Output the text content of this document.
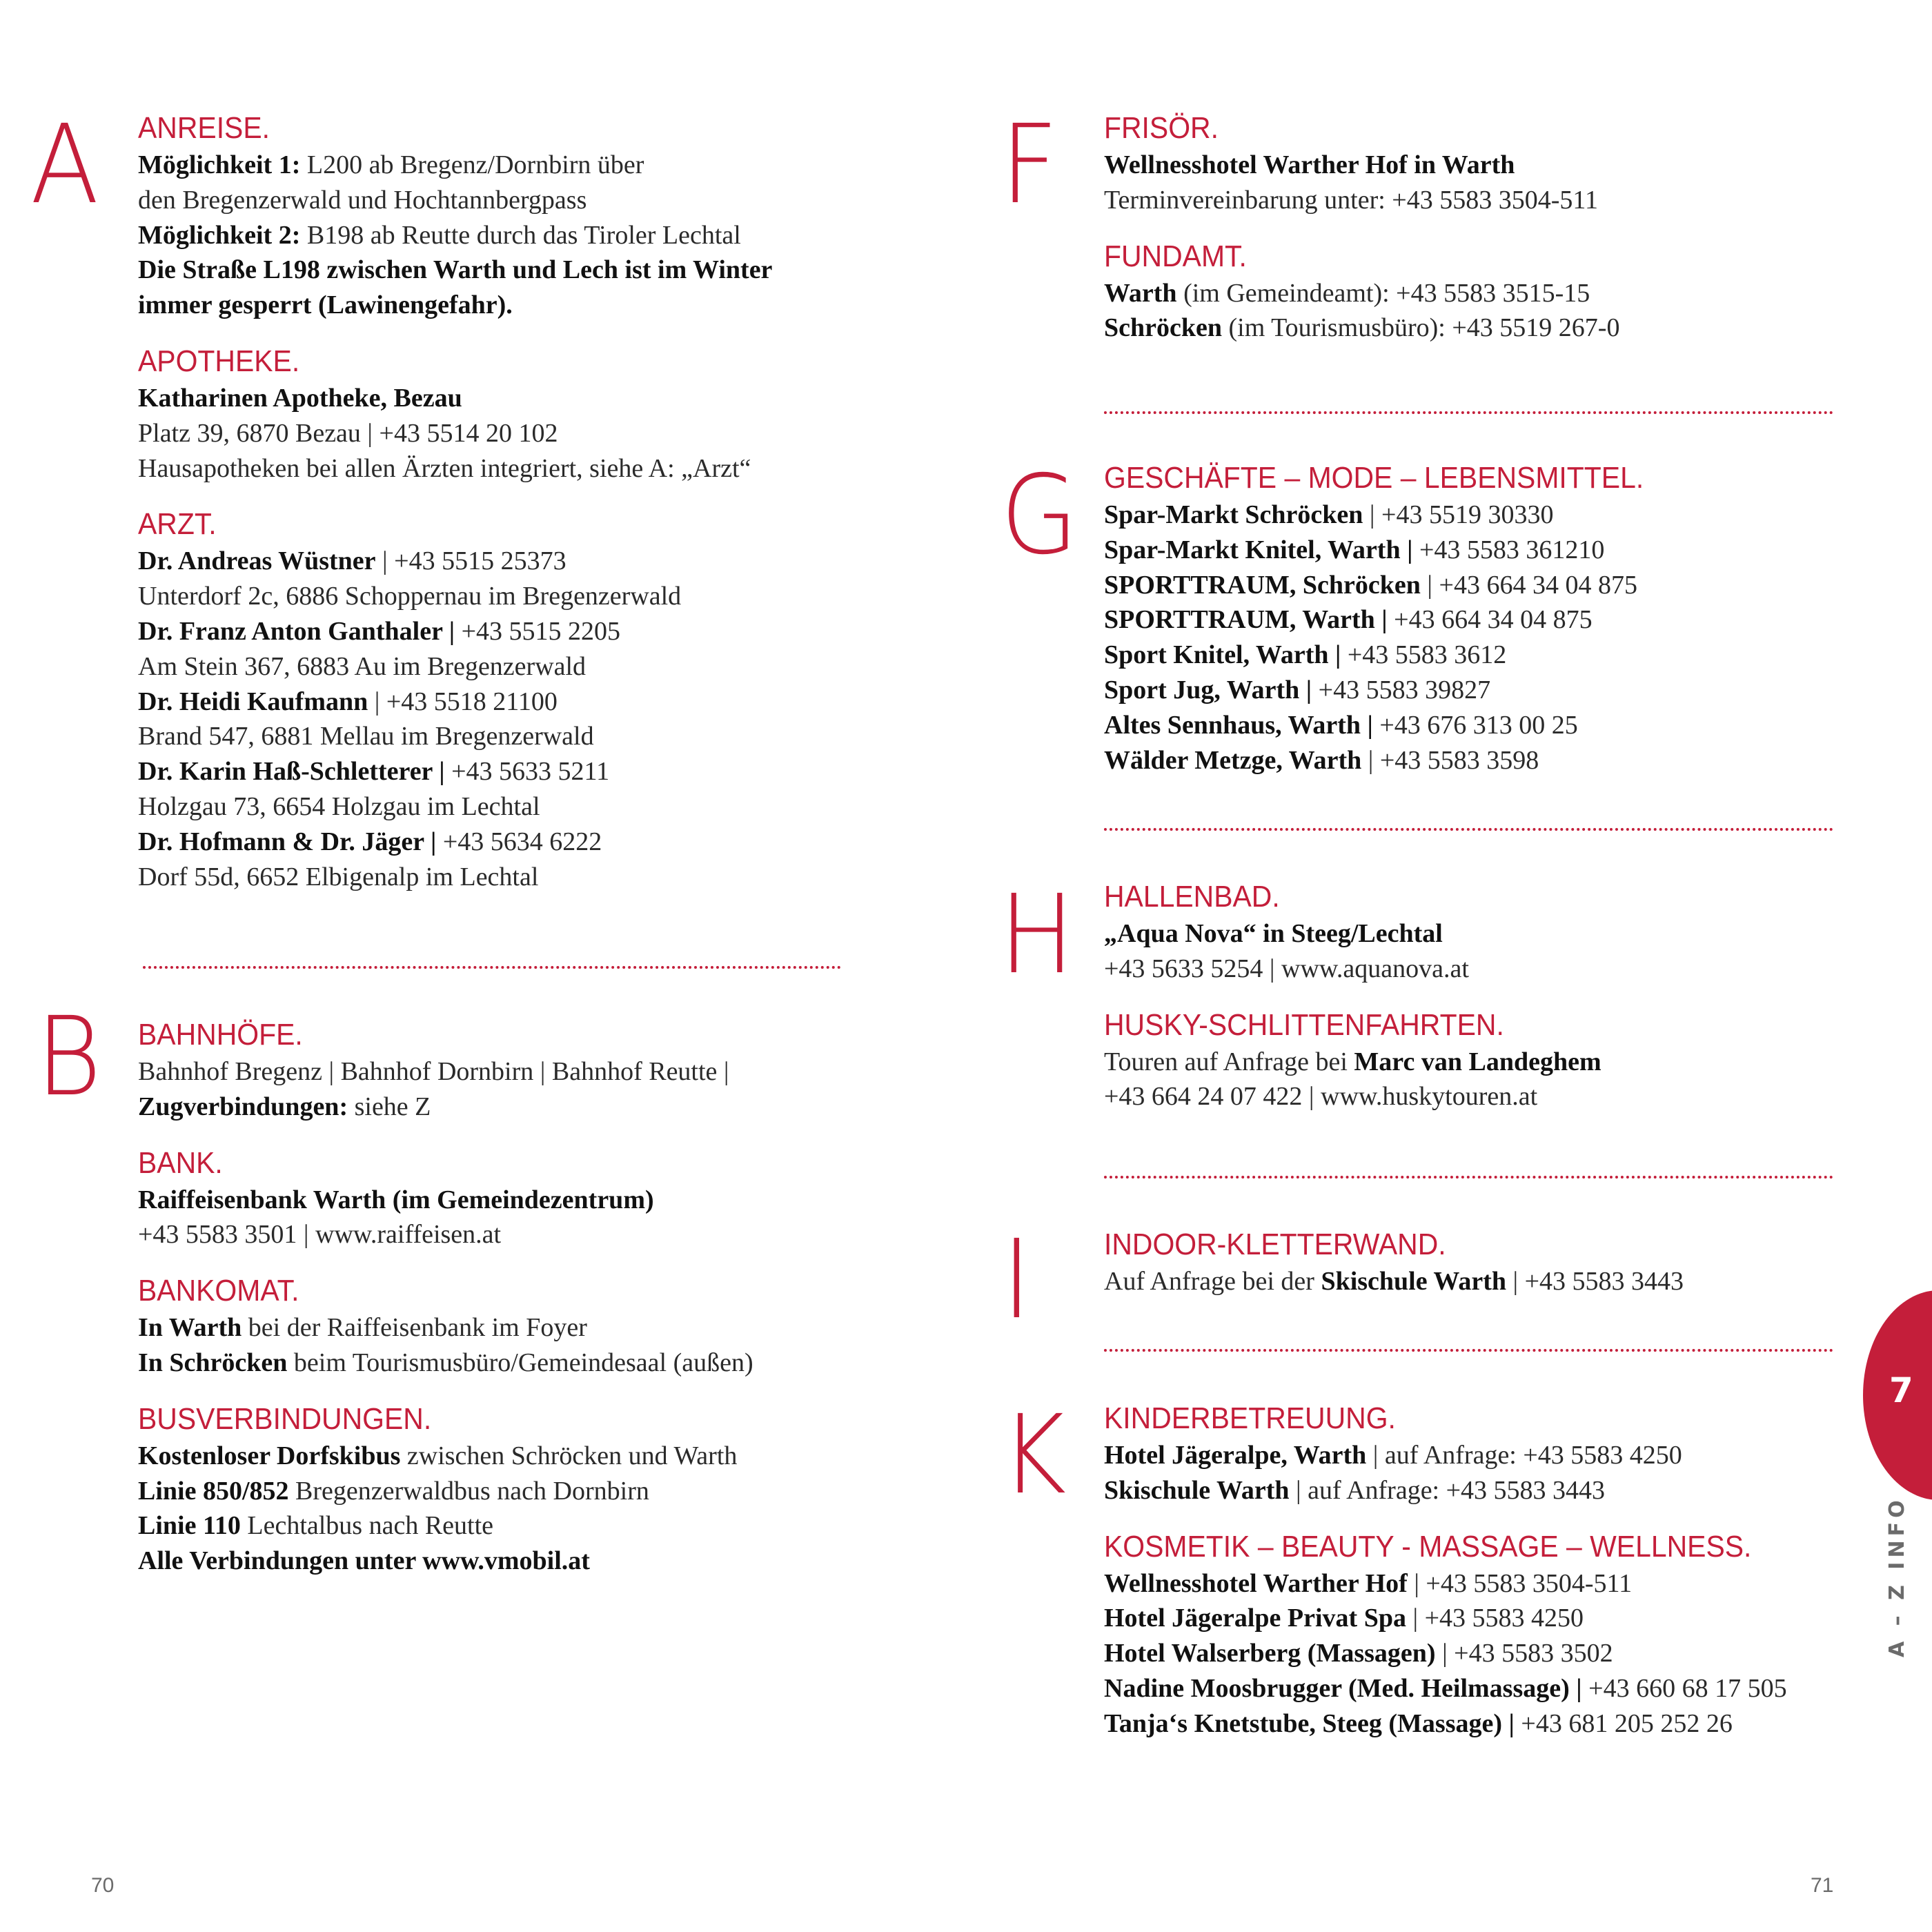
A ANREISE.
Möglichkeit 1: L200 ab Bregenz/Dornbirn über
den Bregenzerwald und Hochtannbergpass
Möglichkeit 2: B198 ab Reutte durch das Tiroler Lechtal
Die Straße L198 zwischen Warth und Lech ist im Winter
immer gesperrt (Lawinengefahr).
APOTHEKE.
Katharinen Apotheke, Bezau
Platz 39, 6870 Bezau | +43 5514 20 102
Hausapotheken bei allen Ärzten integriert, siehe A: „Arzt“
ARZT.
Dr. Andreas Wüstner | +43 5515 25373
Unterdorf 2c, 6886 Schoppernau im Bregenzerwald
Dr. Franz Anton Ganthaler | +43 5515 2205
Am Stein 367, 6883 Au im Bregenzerwald
Dr. Heidi Kaufmann | +43 5518 21100
Brand 547, 6881 Mellau im Bregenzerwald
Dr. Karin Haß-Schletterer | +43 5633 5211
Holzgau 73, 6654 Holzgau im Lechtal
Dr. Hofmann & Dr. Jäger | +43 5634 6222
Dorf 55d, 6652 Elbigenalp im Lechtal
B BAHNHÖFE.
Bahnhof Bregenz | Bahnhof Dornbirn | Bahnhof Reutte |
Zugverbindungen: siehe Z
BANK.
Raiffeisenbank Warth (im Gemeindezentrum)
+43 5583 3501 | www.raiffeisen.at
BANKOMAT.
In Warth bei der Raiffeisenbank im Foyer
In Schröcken beim Tourismusbüro/Gemeindesaal (außen)
BUSVERBINDUNGEN.
Kostenloser Dorfskibus zwischen Schröcken und Warth
Linie 850/852 Bregenzerwaldbus nach Dornbirn
Linie 110 Lechtalbus nach Reutte
Alle Verbindungen unter www.vmobil.at
70
F FRISÖR.
Wellnesshotel Warther Hof in Warth
Terminvereinbarung unter: +43 5583 3504-511
FUNDAMT.
Warth (im Gemeindeamt): +43 5583 3515-15
Schröcken (im Tourismusbüro): +43 5519 267-0
G GESCHÄFTE – MODE – LEBENSMITTEL.
Spar-Markt Schröcken | +43 5519 30330
Spar-Markt Knitel, Warth | +43 5583 361210
SPORTTRAUM, Schröcken | +43 664 34 04 875
SPORTTRAUM, Warth | +43 664 34 04 875
Sport Knitel, Warth | +43 5583 3612
Sport Jug, Warth | +43 5583 39827
Altes Sennhaus, Warth | +43 676 313 00 25
Wälder Metzge, Warth | +43 5583 3598
H HALLENBAD.
„Aqua Nova“ in Steeg/Lechtal
+43 5633 5254 | www.aquanova.at
HUSKY-SCHLITTENFAHRTEN.
Touren auf Anfrage bei Marc van Landeghem
+43 664 24 07 422 | www.huskytouren.at
I INDOOR-KLETTERWAND.
Auf Anfrage bei der Skischule Warth | +43 5583 3443
K KINDERBETREUUNG.
Hotel Jägeralpe, Warth | auf Anfrage: +43 5583 4250
Skischule Warth | auf Anfrage: +43 5583 3443
KOSMETIK – BEAUTY - MASSAGE – WELLNESS.
Wellnesshotel Warther Hof | +43 5583 3504-511
Hotel Jägeralpe Privat Spa | +43 5583 4250
Hotel Walserberg (Massagen) | +43 5583 3502
Nadine Moosbrugger (Med. Heilmassage) | +43 660 68 17 505
Tanja‘s Knetstube, Steeg (Massage) | +43 681 205 252 26
71
7
A – Z INFO
